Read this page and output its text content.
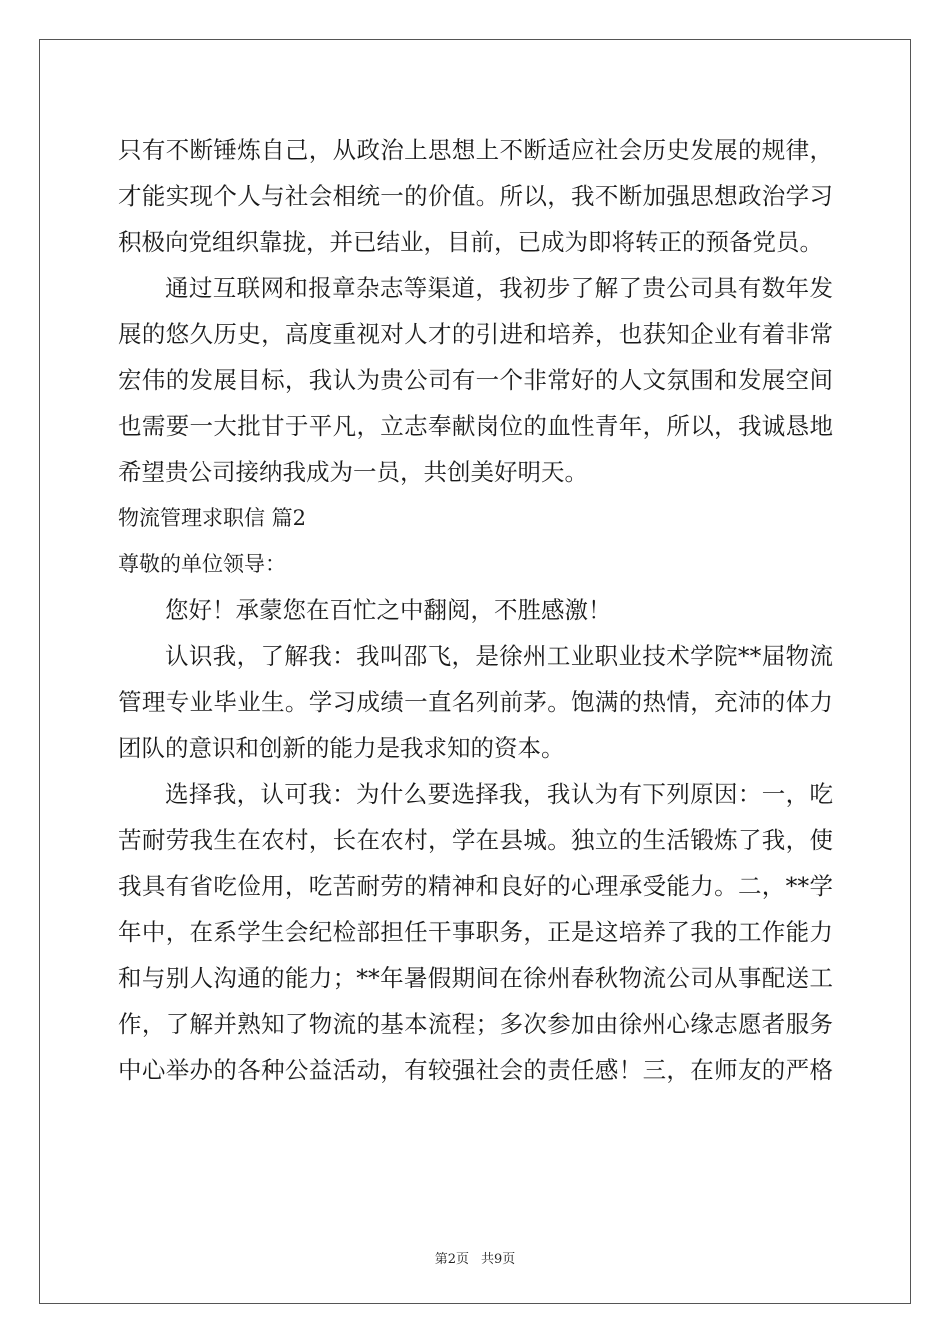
只有不断锤炼自己，从政治上思想上不断适应社会历史发展的规律，
才能实现个人与社会相统一的价值。所以，我不断加强思想政治学习
积极向党组织靠拢，并已结业，目前，已成为即将转正的预备党员。
通过互联网和报章杂志等渠道，我初步了解了贵公司具有数年发
展的悠久历史，高度重视对人才的引进和培养，也获知企业有着非常
宏伟的发展目标，我认为贵公司有一个非常好的人文氛围和发展空间
也需要一大批甘于平凡，立志奉献岗位的血性青年，所以，我诚恳地
希望贵公司接纳我成为一员，共创美好明天。
物流管理求职信 篇2
尊敬的单位领导：
您好！承蒙您在百忙之中翻阅，不胜感激！
认识我，了解我：我叫邵飞，是徐州工业职业技术学院**届物流
管理专业毕业生。学习成绩一直名列前茅。饱满的热情，充沛的体力
团队的意识和创新的能力是我求知的资本。
选择我，认可我：为什么要选择我，我认为有下列原因：一，吃
苦耐劳我生在农村，长在农村，学在县城。独立的生活锻炼了我，使
我具有省吃俭用，吃苦耐劳的精神和良好的心理承受能力。二，**学
年中，在系学生会纪检部担任干事职务，正是这培养了我的工作能力
和与别人沟通的能力；**年暑假期间在徐州春秋物流公司从事配送工
作，了解并熟知了物流的基本流程；多次参加由徐州心缘志愿者服务
中心举办的各种公益活动，有较强社会的责任感！三，在师友的严格
第2页 共9页
